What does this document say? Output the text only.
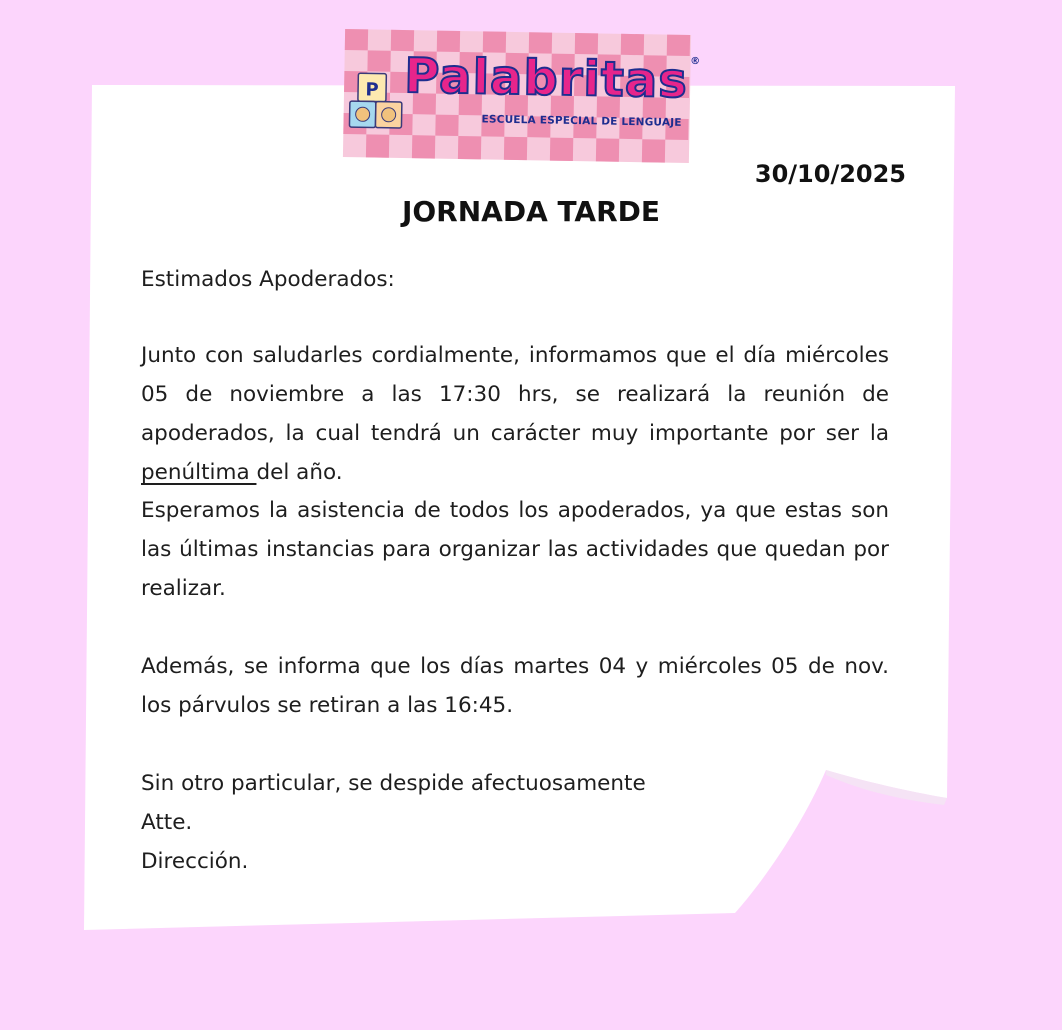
P Palabritas ®
ESCUELA ESPECIAL DE LENGUAJE
30/10/2025
JORNADA TARDE
Estimados Apoderados:

Junto con saludarles cordialmente, informamos que el día miércoles 05 de noviembre a las 17:30 hrs, se realizará la reunión de apoderados, la cual tendrá un carácter muy importante por ser la penúltima del año.

Esperamos la asistencia de todos los apoderados, ya que estas son las últimas instancias para organizar las actividades que quedan por realizar.

Además, se informa que los días martes 04 y miércoles 05 de nov. los párvulos se retiran a las 16:45.

Sin otro particular, se despide afectuosamente
Atte.
Dirección.
